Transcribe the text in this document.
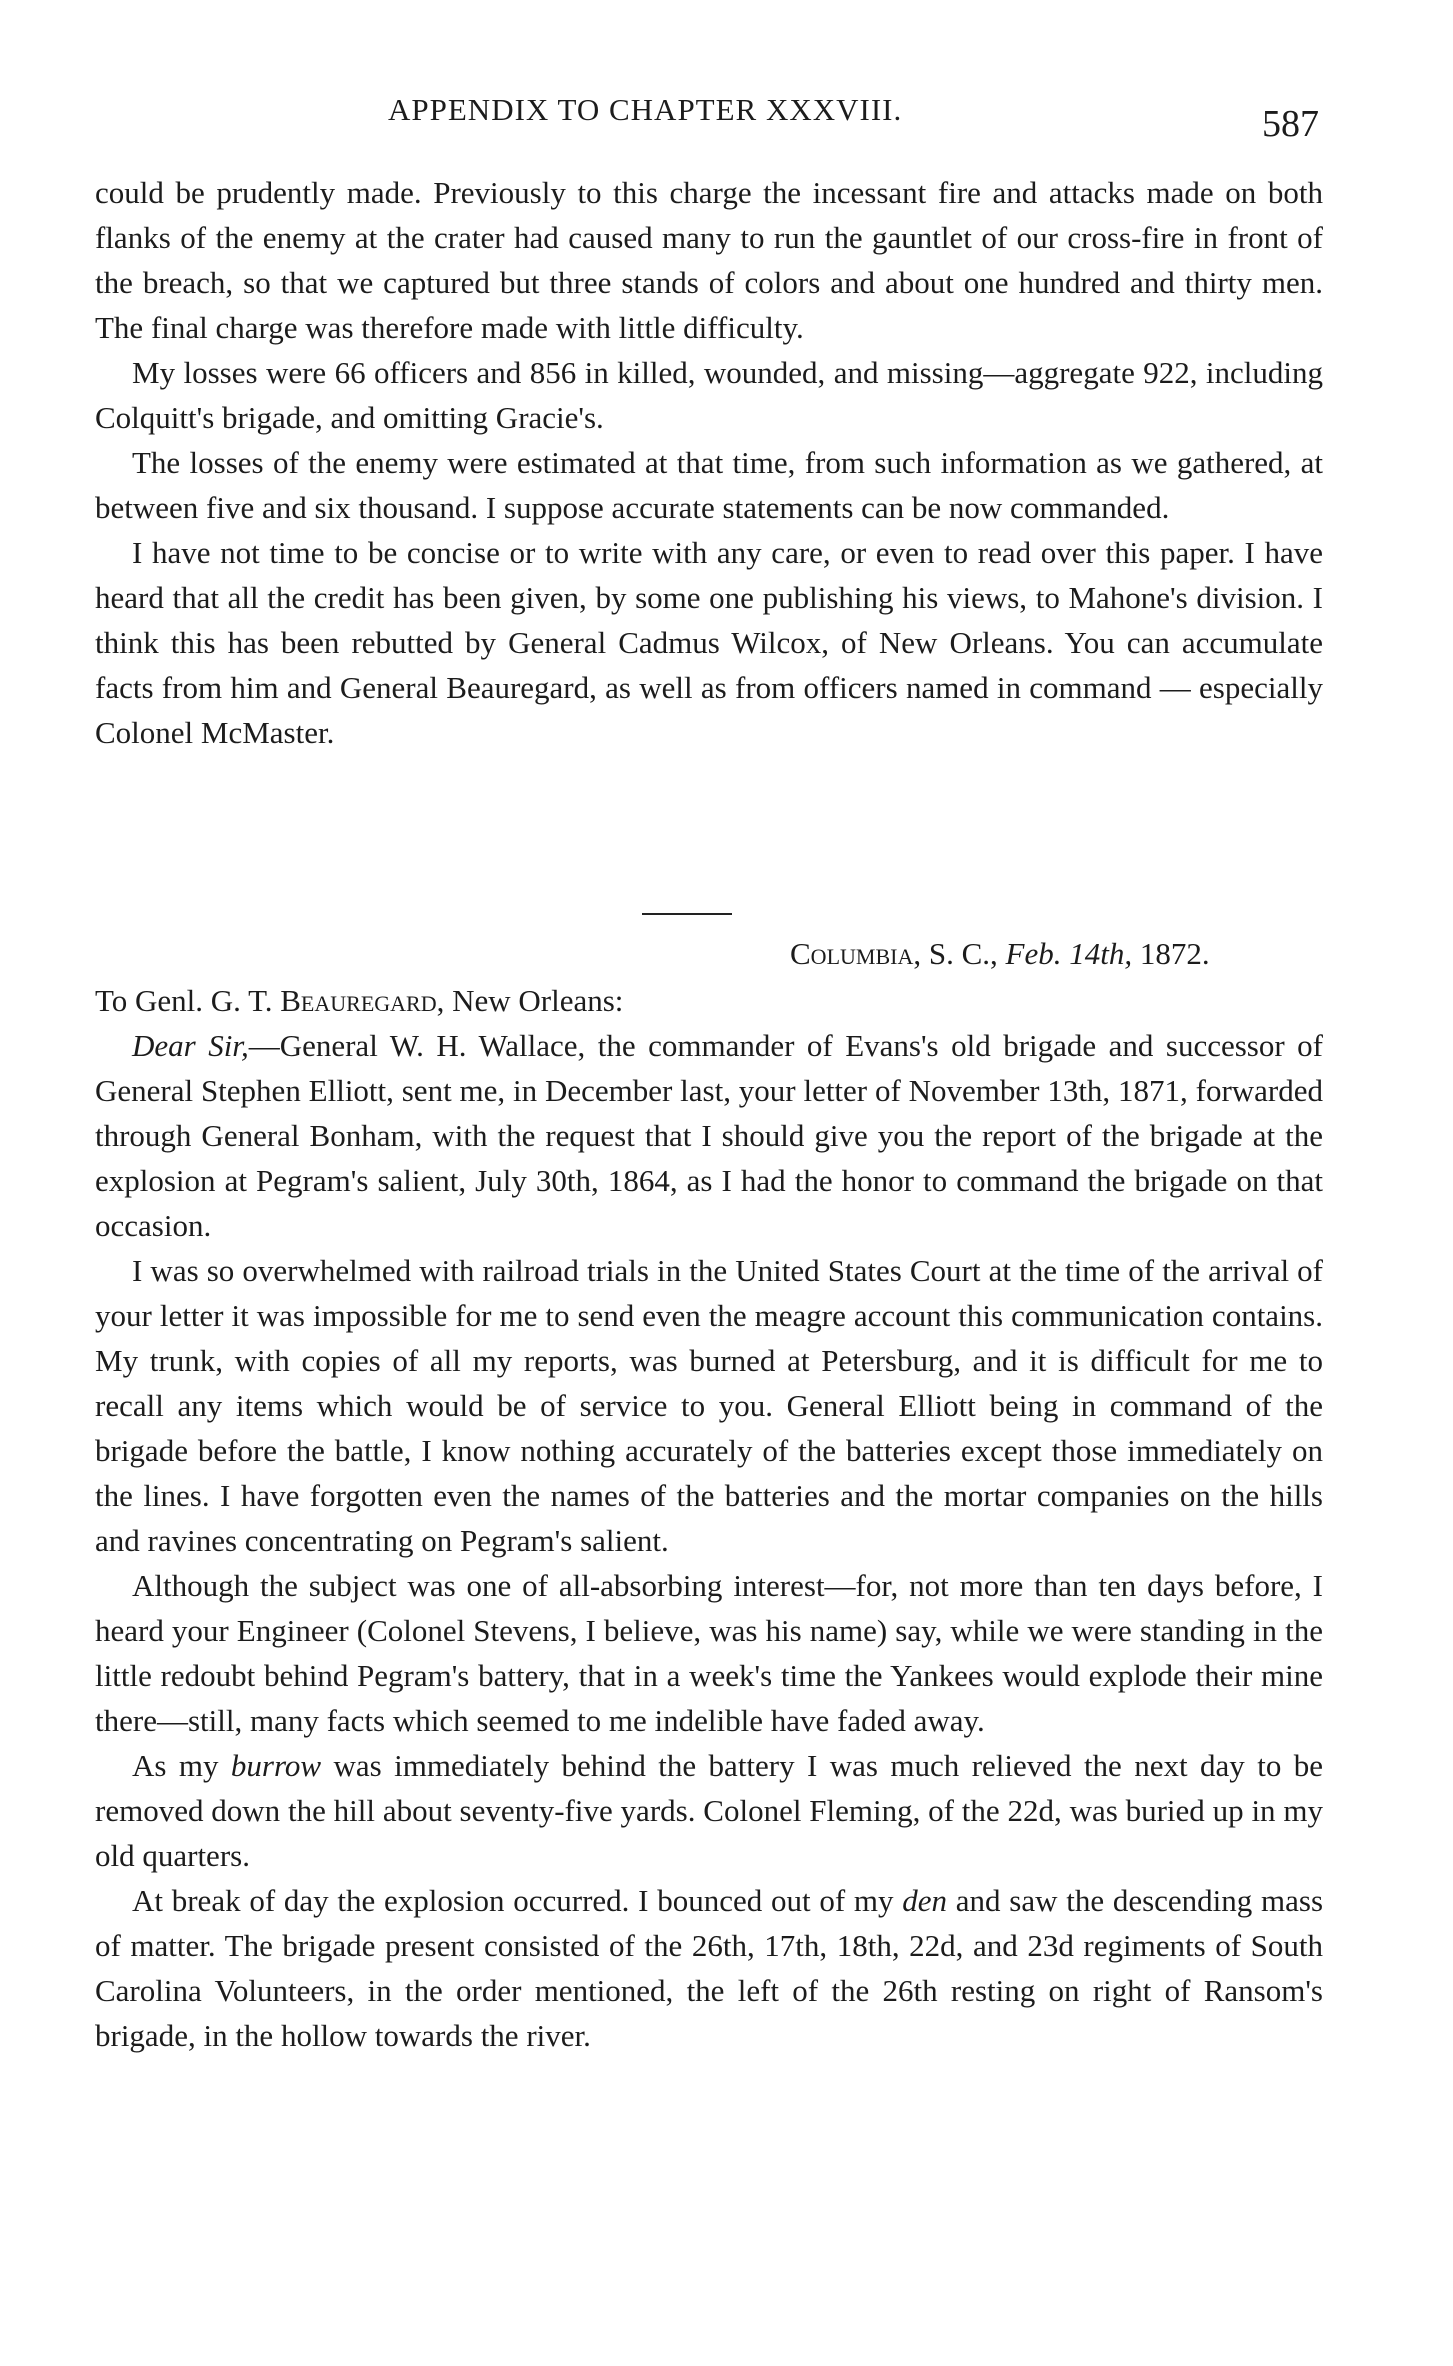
APPENDIX TO CHAPTER XXXVIII.	587

could be prudently made. Previously to this charge the incessant fire and attacks made on both flanks of the enemy at the crater had caused many to run the gauntlet of our cross-fire in front of the breach, so that we captured but three stands of colors and about one hundred and thirty men. The final charge was therefore made with little difficulty.

My losses were 66 officers and 856 in killed, wounded, and missing—aggregate 922, including Colquitt's brigade, and omitting Gracie's.

The losses of the enemy were estimated at that time, from such information as we gathered, at between five and six thousand. I suppose accurate statements can be now commanded.

I have not time to be concise or to write with any care, or even to read over this paper. I have heard that all the credit has been given, by some one publishing his views, to Mahone's division. I think this has been rebutted by General Cadmus Wilcox, of New Orleans. You can accumulate facts from him and General Beauregard, as well as from officers named in command — especially Colonel McMaster.

Columbia, S. C., Feb. 14th, 1872.

To Genl. G. T. Beauregard, New Orleans:

Dear Sir,—General W. H. Wallace, the commander of Evans's old brigade and successor of General Stephen Elliott, sent me, in December last, your letter of November 13th, 1871, forwarded through General Bonham, with the request that I should give you the report of the brigade at the explosion at Pegram's salient, July 30th, 1864, as I had the honor to command the brigade on that occasion.

I was so overwhelmed with railroad trials in the United States Court at the time of the arrival of your letter it was impossible for me to send even the meagre account this communication contains. My trunk, with copies of all my reports, was burned at Petersburg, and it is difficult for me to recall any items which would be of service to you. General Elliott being in command of the brigade before the battle, I know nothing accurately of the batteries except those immediately on the lines. I have forgotten even the names of the batteries and the mortar companies on the hills and ravines concentrating on Pegram's salient.

Although the subject was one of all-absorbing interest—for, not more than ten days before, I heard your Engineer (Colonel Stevens, I believe, was his name) say, while we were standing in the little redoubt behind Pegram's battery, that in a week's time the Yankees would explode their mine there—still, many facts which seemed to me indelible have faded away.

As my burrow was immediately behind the battery I was much relieved the next day to be removed down the hill about seventy-five yards. Colonel Fleming, of the 22d, was buried up in my old quarters.

At break of day the explosion occurred. I bounced out of my den and saw the descending mass of matter. The brigade present consisted of the 26th, 17th, 18th, 22d, and 23d regiments of South Carolina Volunteers, in the order mentioned, the left of the 26th resting on right of Ransom's brigade, in the hollow towards the river.
